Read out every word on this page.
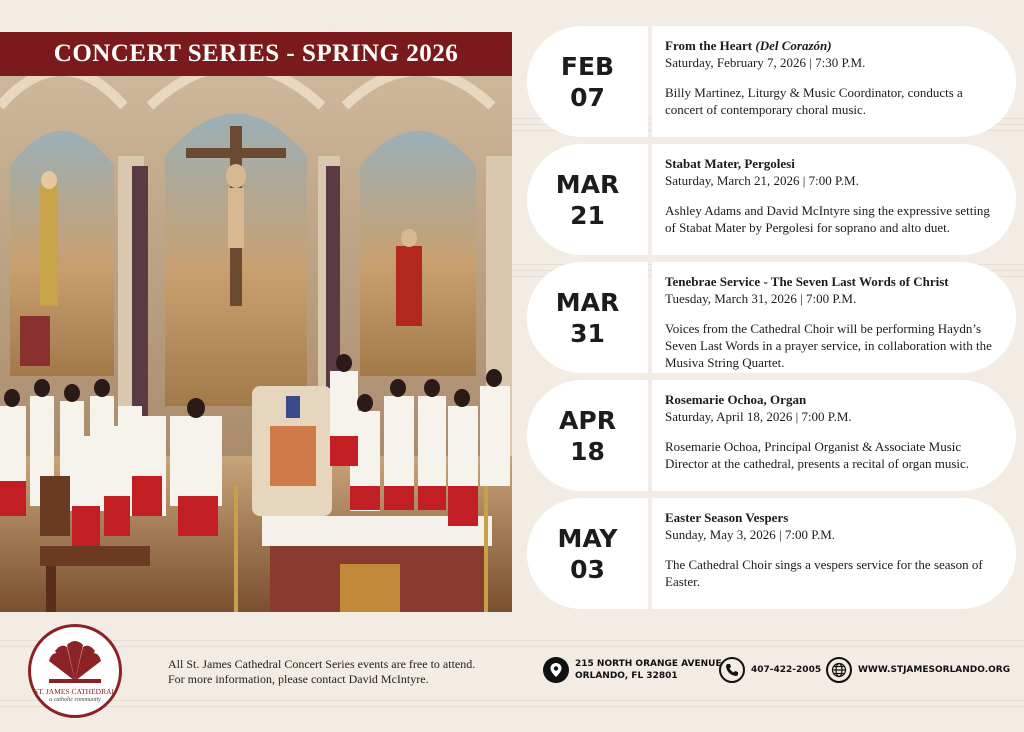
CONCERT SERIES - SPRING 2026	FEB
07
From the Heart (Del Corazón)
Saturday, February 7, 2026 | 7:30 P.M.
Billy Martinez, Liturgy & Music Coordinator, conducts a concert of contemporary choral music.
MAR
21
Stabat Mater, Pergolesi
Saturday, March 21, 2026 | 7:00 P.M.
Ashley Adams and David McIntyre sing the expressive setting of Stabat Mater by Pergolesi for soprano and alto duet.
MAR
31
Tenebrae Service - The Seven Last Words of Christ
Tuesday, March 31, 2026 | 7:00 P.M.
Voices from the Cathedral Choir will be performing Haydn’s Seven Last Words in a prayer service, in collaboration with the Musiva String Quartet.
APR
18
Rosemarie Ochoa, Organ
Saturday, April 18, 2026 | 7:00 P.M.
Rosemarie Ochoa, Principal Organist & Associate Music Director at the cathedral, presents a recital of organ music.
MAY
03
Easter Season Vespers
Sunday, May 3, 2026 | 7:00 P.M.
The Cathedral Choir sings a vespers service for the season of Easter.
ST. JAMES CATHEDRAL
a catholic community
All St. James Cathedral Concert Series events are free to attend.
For more information, please contact David McIntyre.
215 NORTH ORANGE AVENUE
ORLANDO, FL 32801
407-422-2005	WWW.STJAMESORLANDO.ORG
